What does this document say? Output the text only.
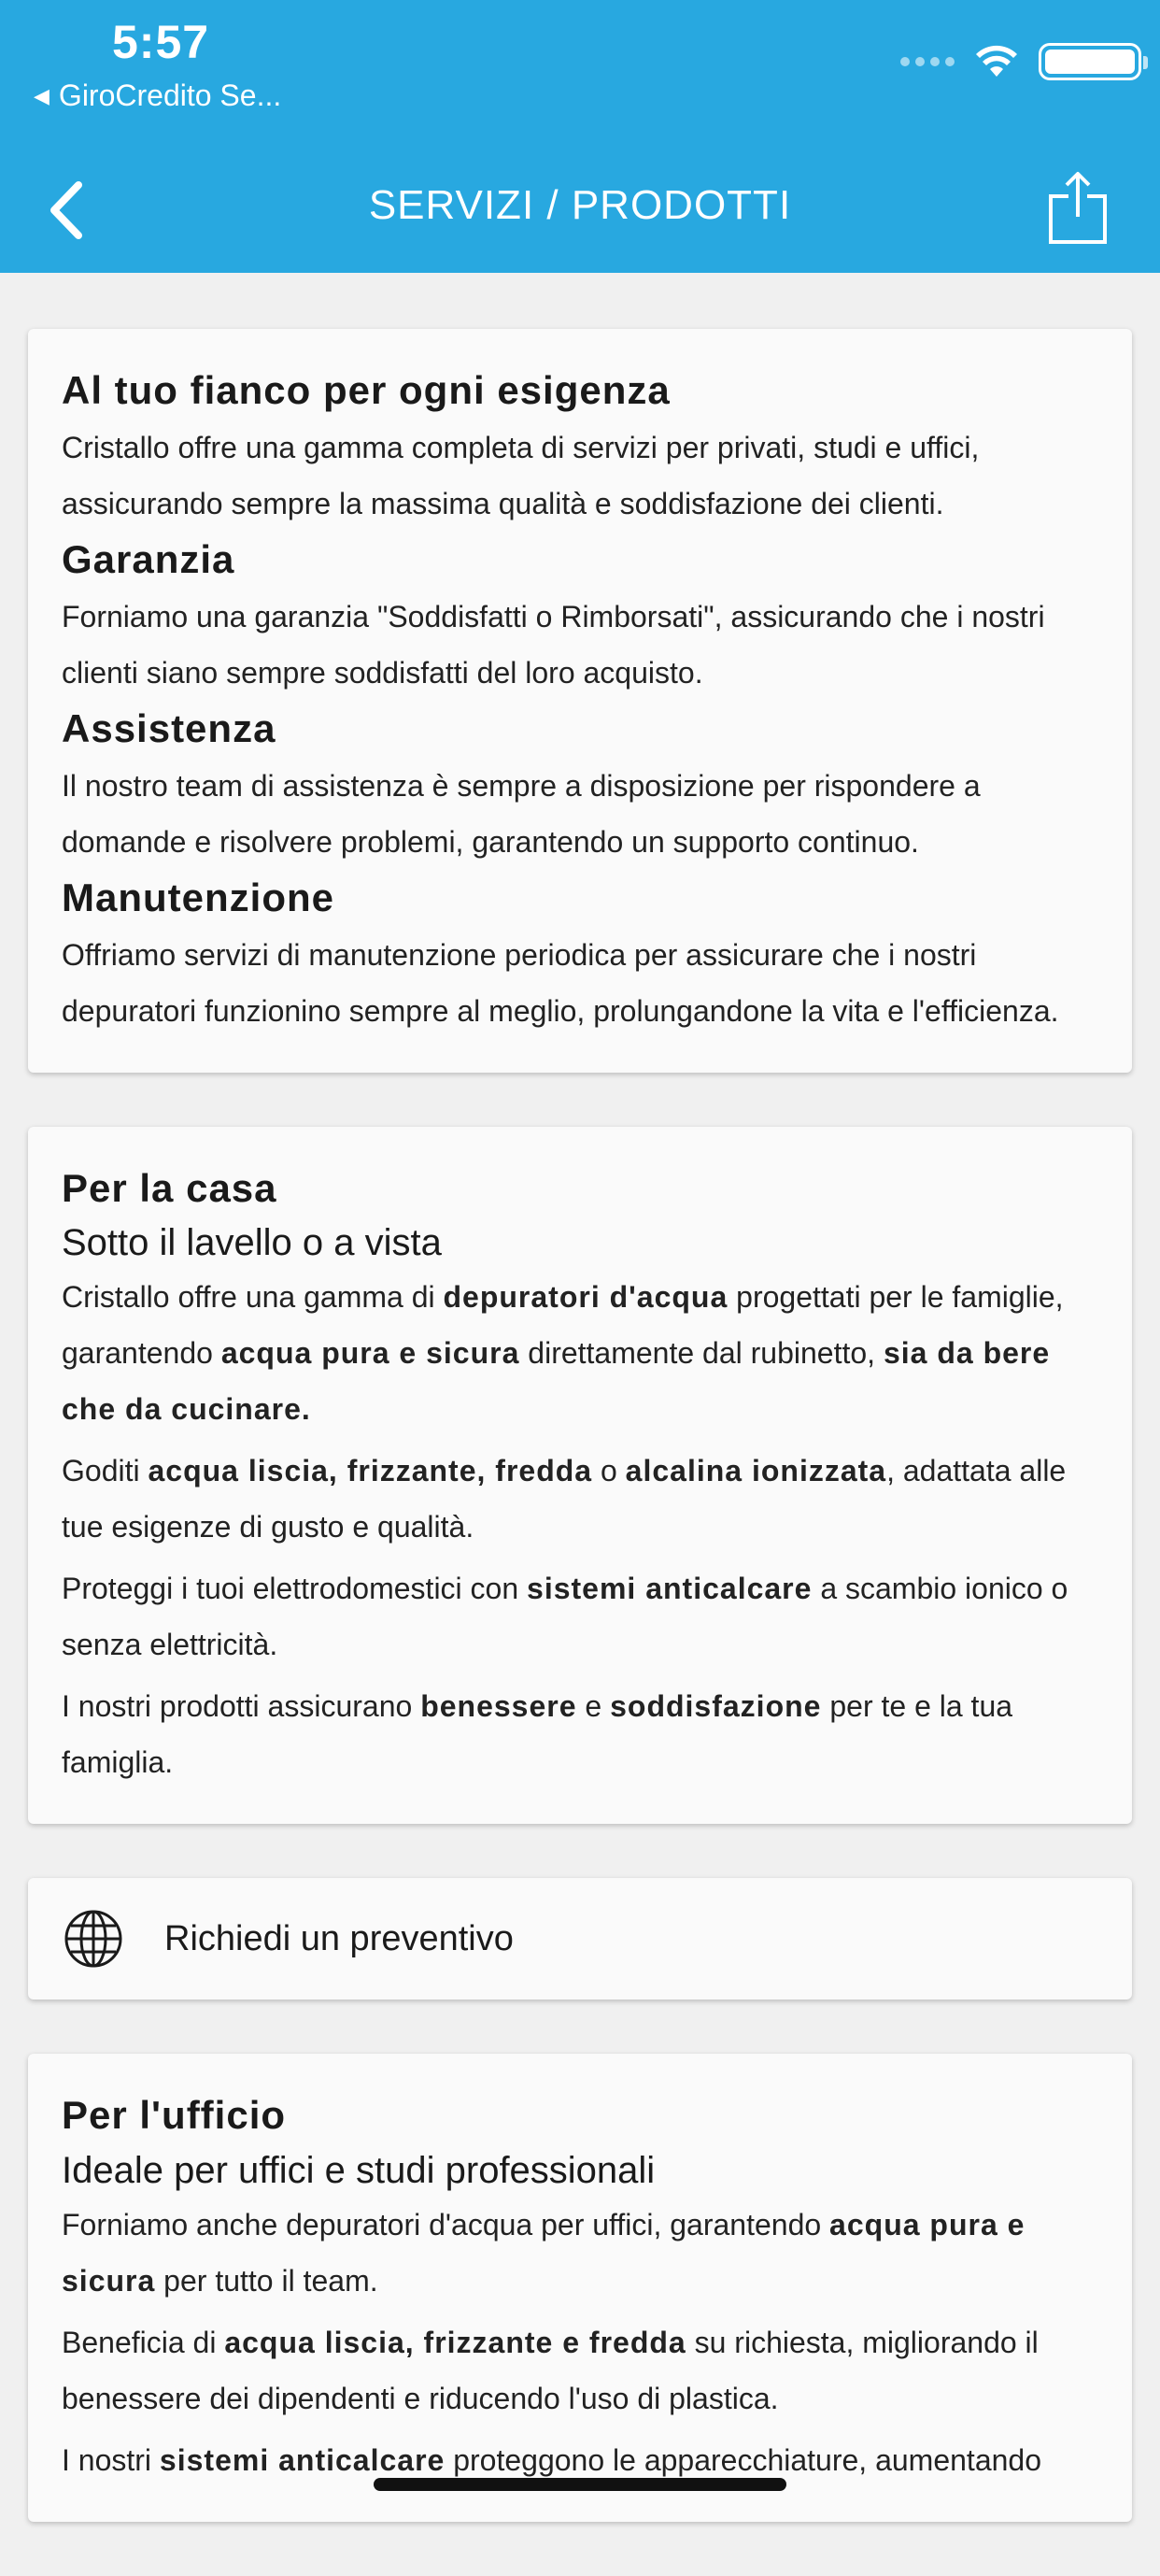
5:57
◀ GiroCredito Se...
SERVIZI / PRODOTTI
Al tuo fianco per ogni esigenza

Cristallo offre una gamma completa di servizi per privati, studi e uffici, assicurando sempre la massima qualità e soddisfazione dei clienti.

Garanzia

Forniamo una garanzia "Soddisfatti o Rimborsati", assicurando che i nostri clienti siano sempre soddisfatti del loro acquisto.

Assistenza

Il nostro team di assistenza è sempre a disposizione per rispondere a domande e risolvere problemi, garantendo un supporto continuo.

Manutenzione

Offriamo servizi di manutenzione periodica per assicurare che i nostri depuratori funzionino sempre al meglio, prolungandone la vita e l'efficienza.

Per la casa
Sotto il lavello o a vista

Cristallo offre una gamma di depuratori d'acqua progettati per le famiglie, garantendo acqua pura e sicura direttamente dal rubinetto, sia da bere che da cucinare.

Goditi acqua liscia, frizzante, fredda o alcalina ionizzata, adattata alle tue esigenze di gusto e qualità.

Proteggi i tuoi elettrodomestici con sistemi anticalcare a scambio ionico o senza elettricità.

I nostri prodotti assicurano benessere e soddisfazione per te e la tua famiglia.

Richiedi un preventivo
Per l'ufficio
Ideale per uffici e studi professionali

Forniamo anche depuratori d'acqua per uffici, garantendo acqua pura e sicura per tutto il team.

Beneficia di acqua liscia, frizzante e fredda su richiesta, migliorando il benessere dei dipendenti e riducendo l'uso di plastica.

I nostri sistemi anticalcare proteggono le apparecchiature, aumentando
